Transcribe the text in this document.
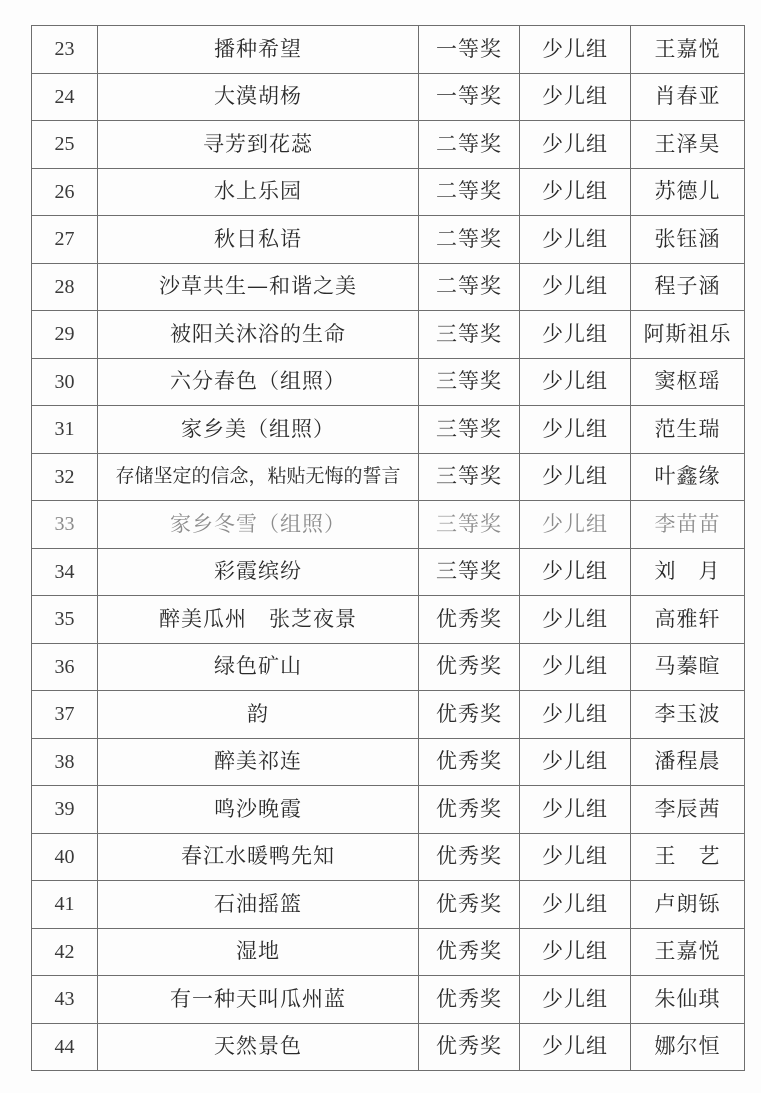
23	播种希望	一等奖	少儿组	王嘉悦
24	大漠胡杨	一等奖	少儿组	肖春亚
25	寻芳到花蕊	二等奖	少儿组	王泽昊
26	水上乐园	二等奖	少儿组	苏德儿
27	秋日私语	二等奖	少儿组	张钰涵
28	沙草共生—和谐之美	二等奖	少儿组	程子涵
29	被阳关沐浴的生命	三等奖	少儿组	阿斯祖乐
30	六分春色（组照）	三等奖	少儿组	窦枢瑶
31	家乡美（组照）	三等奖	少儿组	范生瑞
32	存储坚定的信念，粘贴无悔的誓言	三等奖	少儿组	叶鑫缘
33	家乡冬雪（组照）	三等奖	少儿组	李苗苗
34	彩霞缤纷	三等奖	少儿组	刘　月
35	醉美瓜州　张芝夜景	优秀奖	少儿组	高雅轩
36	绿色矿山	优秀奖	少儿组	马蓁暄
37	韵	优秀奖	少儿组	李玉波
38	醉美祁连	优秀奖	少儿组	潘程晨
39	鸣沙晚霞	优秀奖	少儿组	李辰茜
40	春江水暖鸭先知	优秀奖	少儿组	王　艺
41	石油摇篮	优秀奖	少儿组	卢朗铄
42	湿地	优秀奖	少儿组	王嘉悦
43	有一种天叫瓜州蓝	优秀奖	少儿组	朱仙琪
44	天然景色	优秀奖	少儿组	娜尔恒
